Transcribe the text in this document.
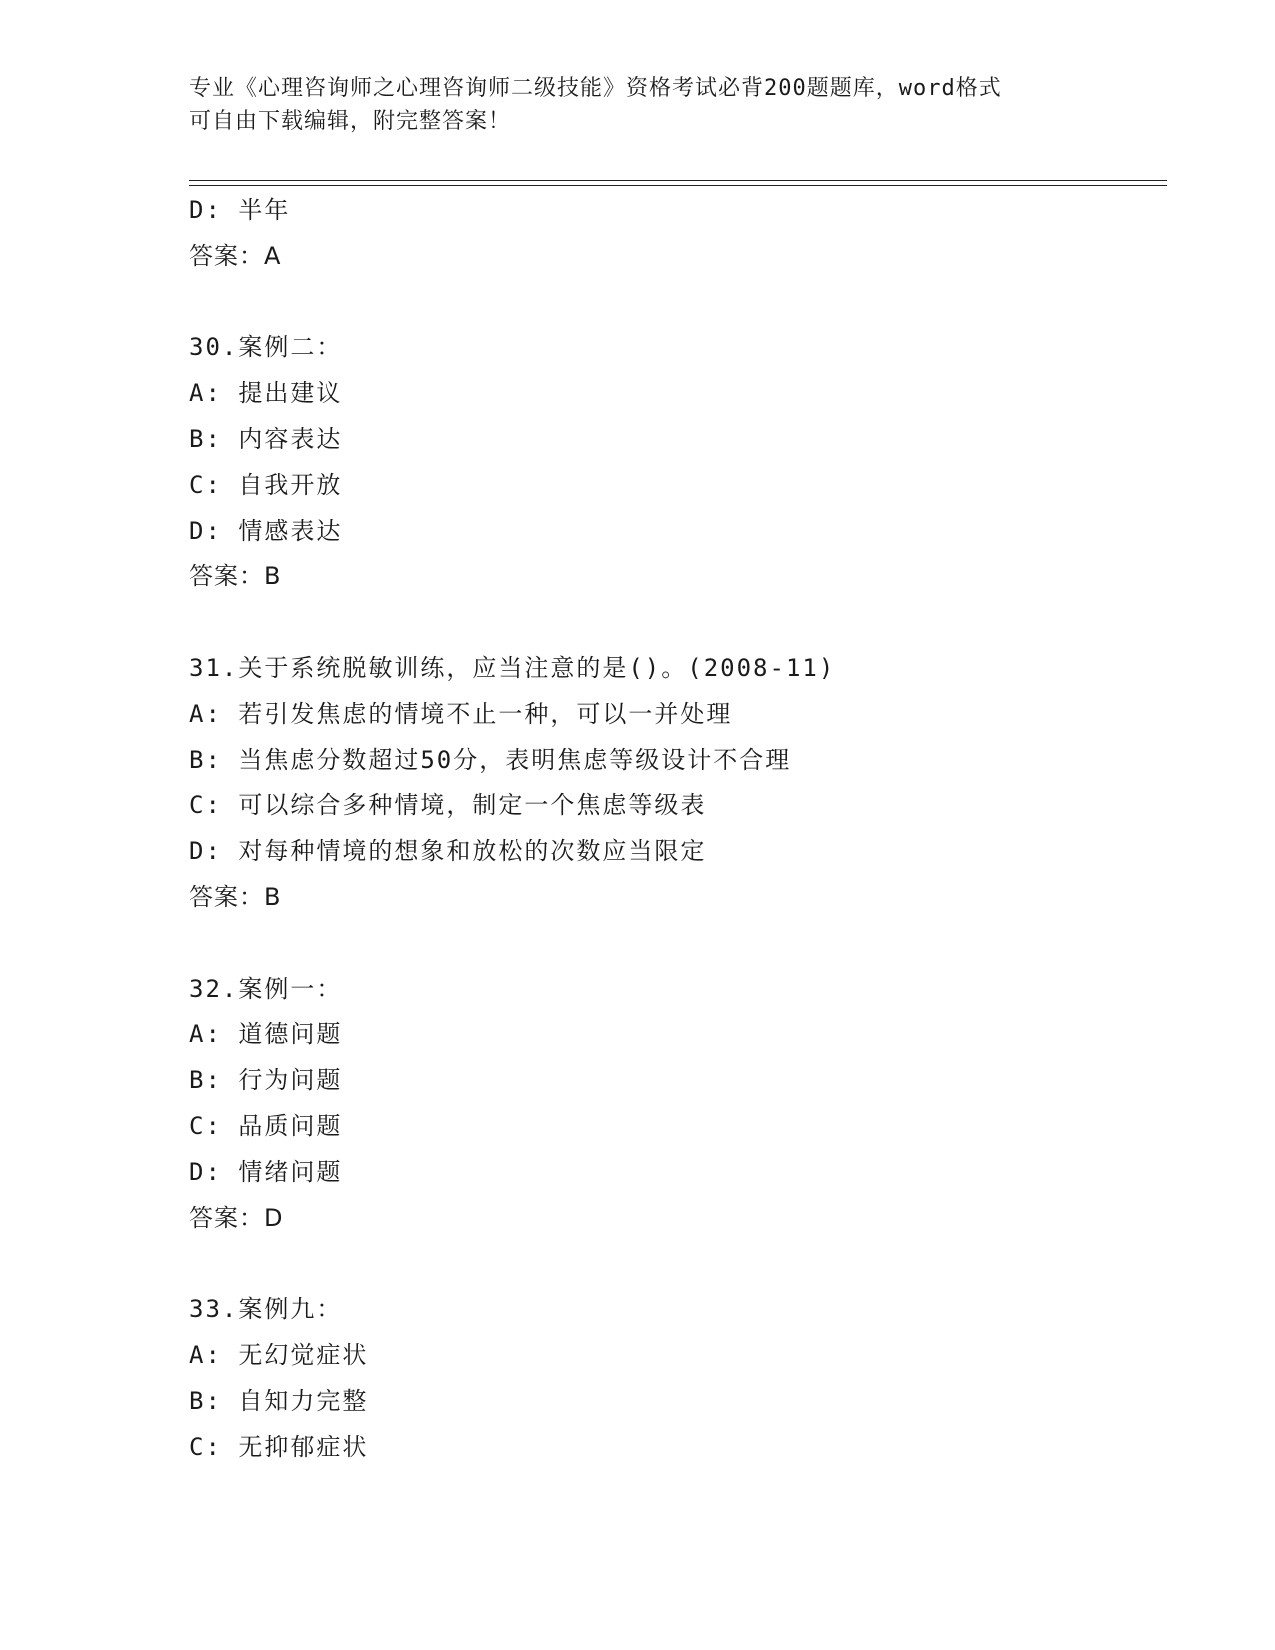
专业《心理咨询师之心理咨询师二级技能》资格考试必背200题题库，word格式
可自由下载编辑，附完整答案！
D: 半年
答案：A
30.案例二：
A: 提出建议
B: 内容表达
C: 自我开放
D: 情感表达
答案：B
31.关于系统脱敏训练，应当注意的是()。(2008-11)
A: 若引发焦虑的情境不止一种，可以一并处理
B: 当焦虑分数超过50分，表明焦虑等级设计不合理
C: 可以综合多种情境，制定一个焦虑等级表
D: 对每种情境的想象和放松的次数应当限定
答案：B
32.案例一：
A: 道德问题
B: 行为问题
C: 品质问题
D: 情绪问题
答案：D
33.案例九：
A: 无幻觉症状
B: 自知力完整
C: 无抑郁症状
